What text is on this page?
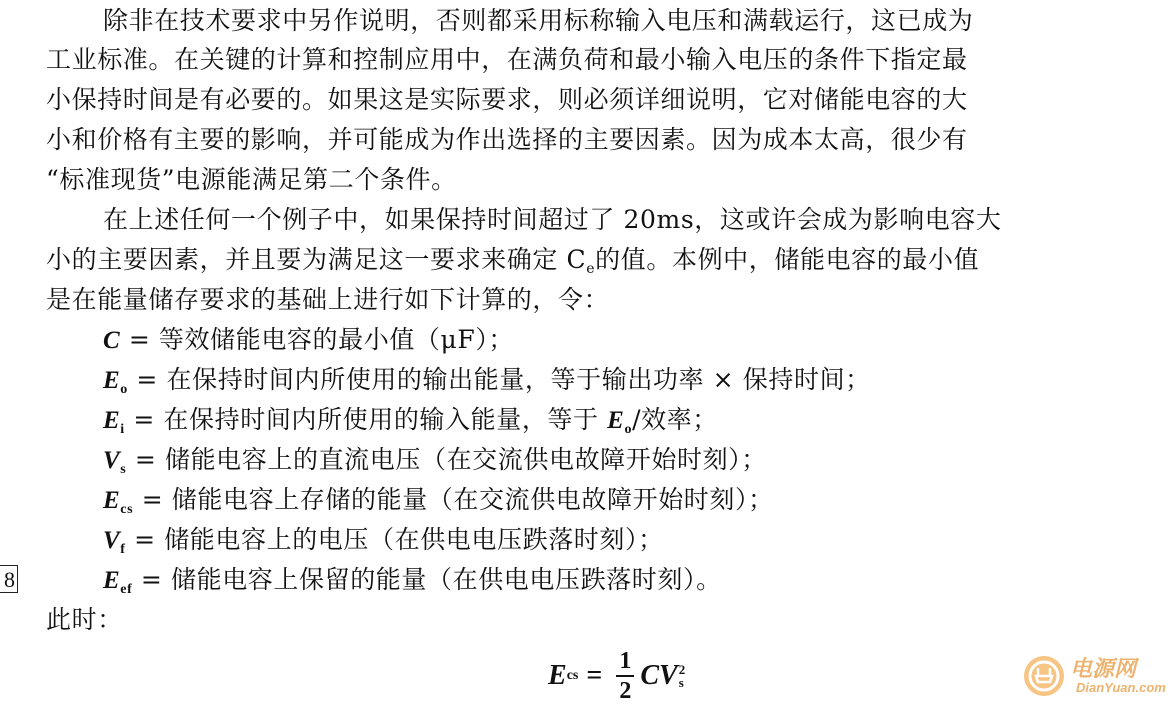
除非在技术要求中另作说明，否则都采用标称输入电压和满载运行，这已成为
工业标准。在关键的计算和控制应用中，在满负荷和最小输入电压的条件下指定最
小保持时间是有必要的。如果这是实际要求，则必须详细说明，它对储能电容的大
小和价格有主要的影响，并可能成为作出选择的主要因素。因为成本太高，很少有
“标准现货”电源能满足第二个条件。
在上述任何一个例子中，如果保持时间超过了 20ms，这或许会成为影响电容大
小的主要因素，并且要为满足这一要求来确定 $C_e$的值。本例中，储能电容的最小值
是在能量储存要求的基础上进行如下计算的，令：
C = 等效储能电容的最小值（μF）；
$E_o$ = 在保持时间内所使用的输出能量，等于输出功率 × 保持时间；
$E_i$ = 在保持时间内所使用的输入能量，等于 $E_o/$效率；
$V_s$ = 储能电容上的直流电压（在交流供电故障开始时刻）；
$E_{cs}$ = 储能电容上存储的能量（在交流供电故障开始时刻）；
$V_f$ = 储能电容上的电压（在供电电压跌落时刻）；
$E_{ef}$ = 储能电容上保留的能量（在供电电压跌落时刻）。
8
此时：
E cs = $\frac{1}{2}$ C V 2
s
电源网
DianYuan.com
